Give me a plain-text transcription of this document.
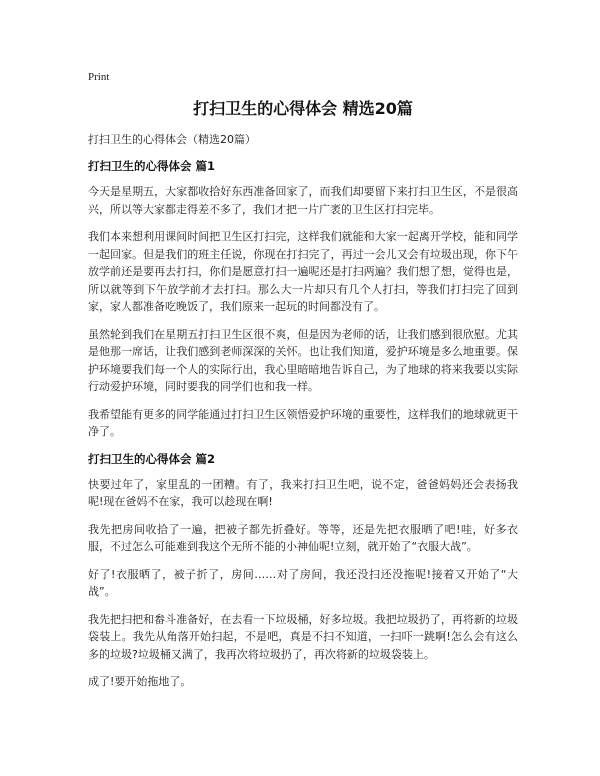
Print
打扫卫生的心得体会 精选20篇
打扫卫生的心得体会（精选20篇）
打扫卫生的心得体会 篇1

今天是星期五，大家都收拾好东西准备回家了，而我们却要留下来打扫卫生区，不是很高兴，所以等大家都走得差不多了，我们才把一片广袤的卫生区打扫完毕。

我们本来想利用课间时间把卫生区打扫完，这样我们就能和大家一起离开学校，能和同学一起回家。但是我们的班主任说，你现在打扫完了，再过一会儿又会有垃圾出现，你下午放学前还是要再去打扫，你们是愿意打扫一遍呢还是打扫两遍？我们想了想，觉得也是，所以就等到下午放学前才去打扫。那么大一片却只有几个人打扫，等我们打扫完了回到家，家人都准备吃晚饭了，我们原来一起玩的时间都没有了。

虽然轮到我们在星期五打扫卫生区很不爽，但是因为老师的话，让我们感到很欣慰。尤其是他那一席话，让我们感到老师深深的关怀。也让我们知道，爱护环境是多么地重要。保护环境要我们每一个人的实际行出，我心里暗暗地告诉自己，为了地球的将来我要以实际行动爱护环境，同时要我的同学们也和我一样。

我希望能有更多的同学能通过打扫卫生区领悟爱护环境的重要性，这样我们的地球就更干净了。

打扫卫生的心得体会 篇2

快要过年了，家里乱的一团糟。有了，我来打扫卫生吧，说不定，爸爸妈妈还会表扬我呢!现在爸妈不在家，我可以趁现在啊!

我先把房间收拾了一遍，把被子都先折叠好。等等，还是先把衣服晒了吧!哇，好多衣服，不过怎么可能难到我这个无所不能的小神仙呢!立刻，就开始了“衣服大战”。

好了!衣服晒了，被子折了，房间……对了房间，我还没扫还没拖呢!接着又开始了“大战”。

我先把扫把和畚斗准备好，在去看一下垃圾桶，好多垃圾。我把垃圾扔了，再将新的垃圾袋装上。我先从角落开始扫起，不是吧，真是不扫不知道，一扫吓一跳啊!怎么会有这么多的垃圾?垃圾桶又满了，我再次将垃圾扔了，再次将新的垃圾袋装上。

成了!要开始拖地了。
